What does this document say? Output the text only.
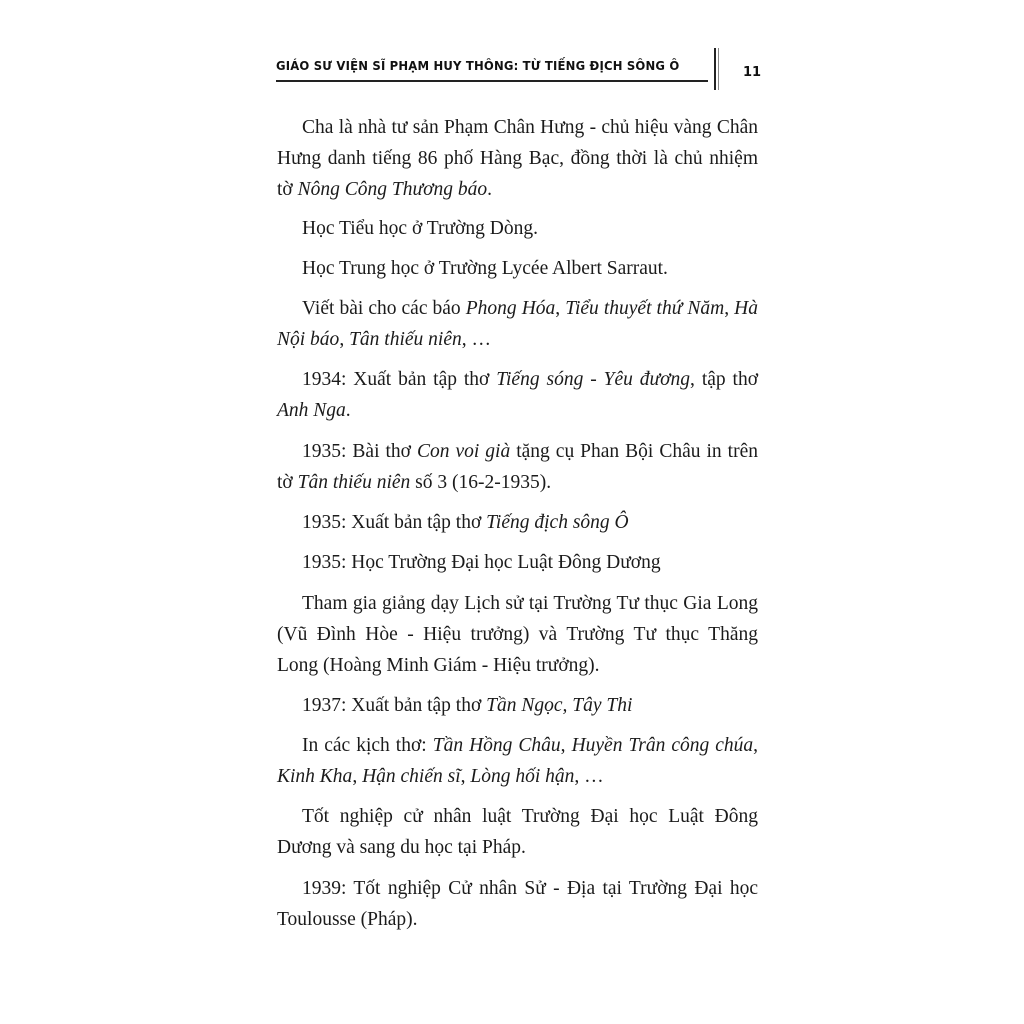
GIÁO SƯ VIỆN SĨ PHẠM HUY THÔNG: TỪ TIẾNG ĐỊCH SÔNG Ô	11

Cha là nhà tư sản Phạm Chân Hưng - chủ hiệu vàng Chân Hưng danh tiếng 86 phố Hàng Bạc, đồng thời là chủ nhiệm tờ Nông Công Thương báo.

Học Tiểu học ở Trường Dòng.

Học Trung học ở Trường Lycée Albert Sarraut.

Viết bài cho các báo Phong Hóa, Tiểu thuyết thứ Năm, Hà Nội báo, Tân thiếu niên, …

1934: Xuất bản tập thơ Tiếng sóng - Yêu đương, tập thơ Anh Nga.

1935: Bài thơ Con voi già tặng cụ Phan Bội Châu in trên tờ Tân thiếu niên số 3 (16-2-1935).

1935: Xuất bản tập thơ Tiếng địch sông Ô

1935: Học Trường Đại học Luật Đông Dương

Tham gia giảng dạy Lịch sử tại Trường Tư thục Gia Long (Vũ Đình Hòe - Hiệu trưởng) và Trường Tư thục Thăng Long (Hoàng Minh Giám - Hiệu trưởng).

1937: Xuất bản tập thơ Tần Ngọc, Tây Thi

In các kịch thơ: Tần Hồng Châu, Huyền Trân công chúa, Kinh Kha, Hận chiến sĩ, Lòng hối hận, …

Tốt nghiệp cử nhân luật Trường Đại học Luật Đông Dương và sang du học tại Pháp.

1939: Tốt nghiệp Cử nhân Sử - Địa tại Trường Đại học Toulousse (Pháp).
